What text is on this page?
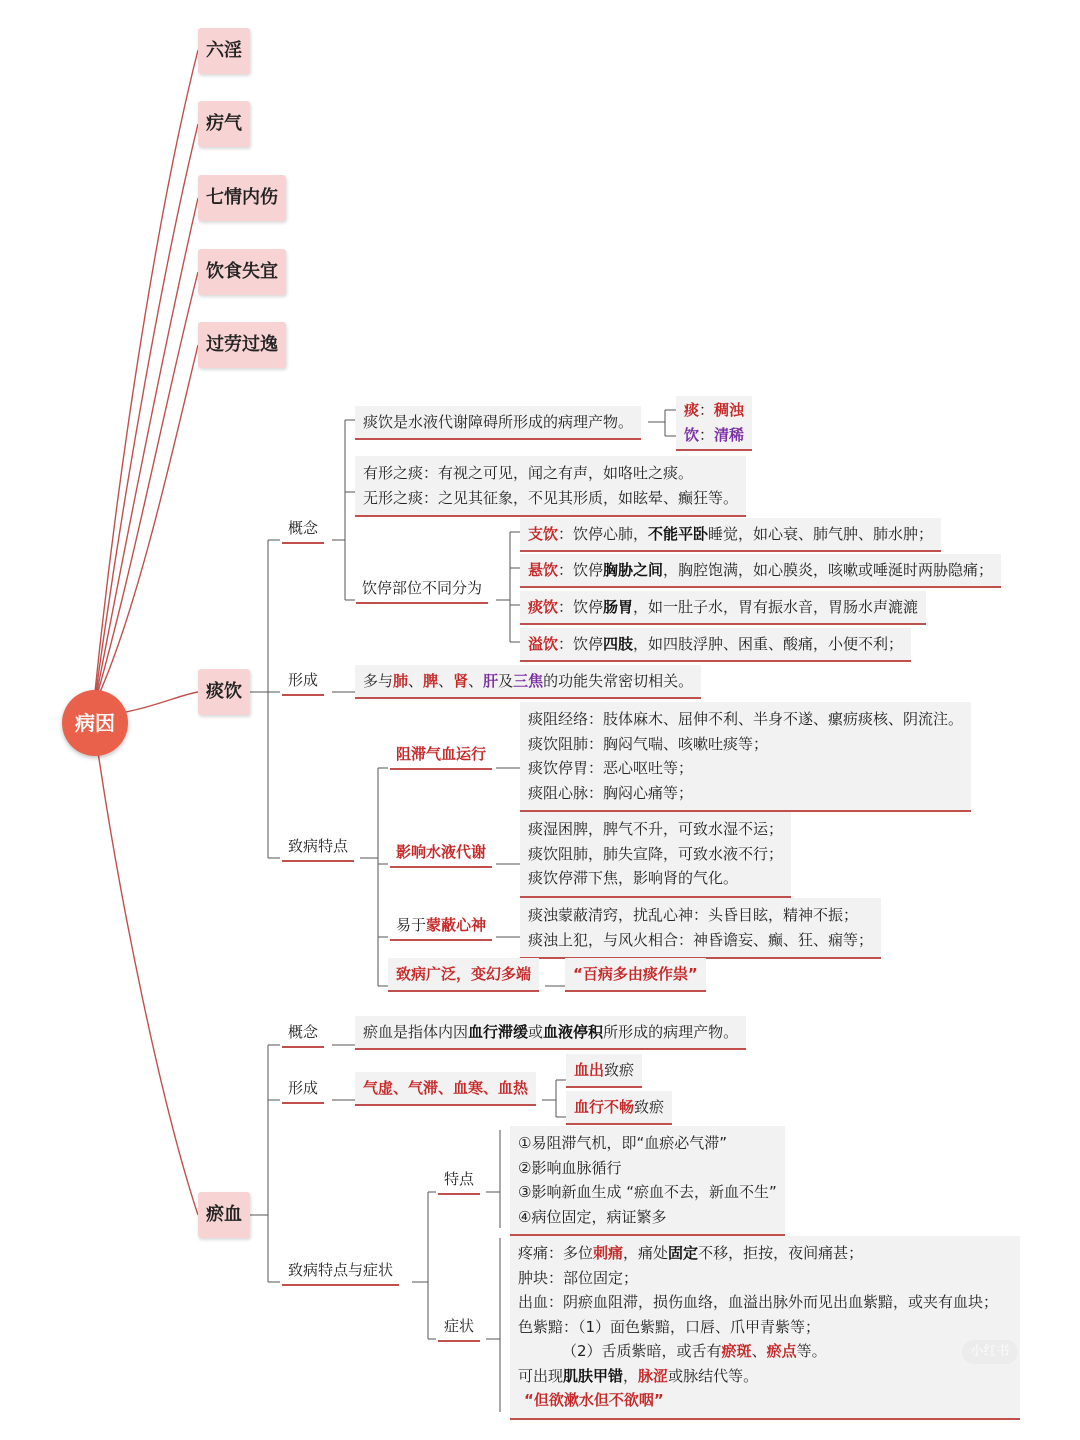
病因
六淫
疠气
七情内伤
饮食失宜
过劳过逸
痰饮
瘀血
概念
痰饮是水液代谢障碍所形成的病理产物。
痰：稠浊
饮：清稀
有形之痰：有视之可见，闻之有声，如咯吐之痰。
无形之痰：之见其征象，不见其形质，如眩晕、癫狂等。
饮停部位不同分为
支饮：饮停心肺，不能平卧睡觉，如心衰、肺气肿、肺水肿；
悬饮：饮停胸胁之间，胸腔饱满，如心膜炎，咳嗽或唾涎时两胁隐痛；
痰饮：饮停肠胃，如一肚子水，胃有振水音，胃肠水声漉漉
溢饮：饮停四肢，如四肢浮肿、困重、酸痛，小便不利；
形成	多与肺、脾、肾、肝及三焦的功能失常密切相关。
致病特点
阻滞气血运行
痰阻经络：肢体麻木、屈伸不利、半身不遂、瘰疬痰核、阴流注。
痰饮阻肺：胸闷气喘、咳嗽吐痰等；
痰饮停胃：恶心呕吐等；
痰阻心脉：胸闷心痛等；
影响水液代谢
痰湿困脾，脾气不升，可致水湿不运；
痰饮阻肺，肺失宣降，可致水液不行；
痰饮停滞下焦，影响肾的气化。
易于蒙蔽心神
痰浊蒙蔽清窍，扰乱心神：头昏目眩，精神不振；
痰浊上犯，与风火相合：神昏谵妄、癫、狂、痫等；
致病广泛，变幻多端	“百病多由痰作祟”
概念	瘀血是指体内因血行滞缓或血液停积所形成的病理产物。
形成	气虚、气滞、血寒、血热
血出致瘀
血行不畅致瘀
致病特点与症状
特点
①易阻滞气机，即“血瘀必气滞”
②影响血脉循行
③影响新血生成 “瘀血不去，新血不生”
④病位固定，病证繁多
症状
疼痛：多位刺痛，痛处固定不移，拒按，夜间痛甚；
肿块：部位固定；
出血：阴瘀血阻滞，损伤血络，血溢出脉外而见出血紫黯，或夹有血块；
色紫黯：（1）面色紫黯，口唇、爪甲青紫等；
（2）舌质紫暗，或舌有瘀斑、瘀点等。
可出现肌肤甲错，脉涩或脉结代等。
“但欲漱水但不欲咽”
小红书
